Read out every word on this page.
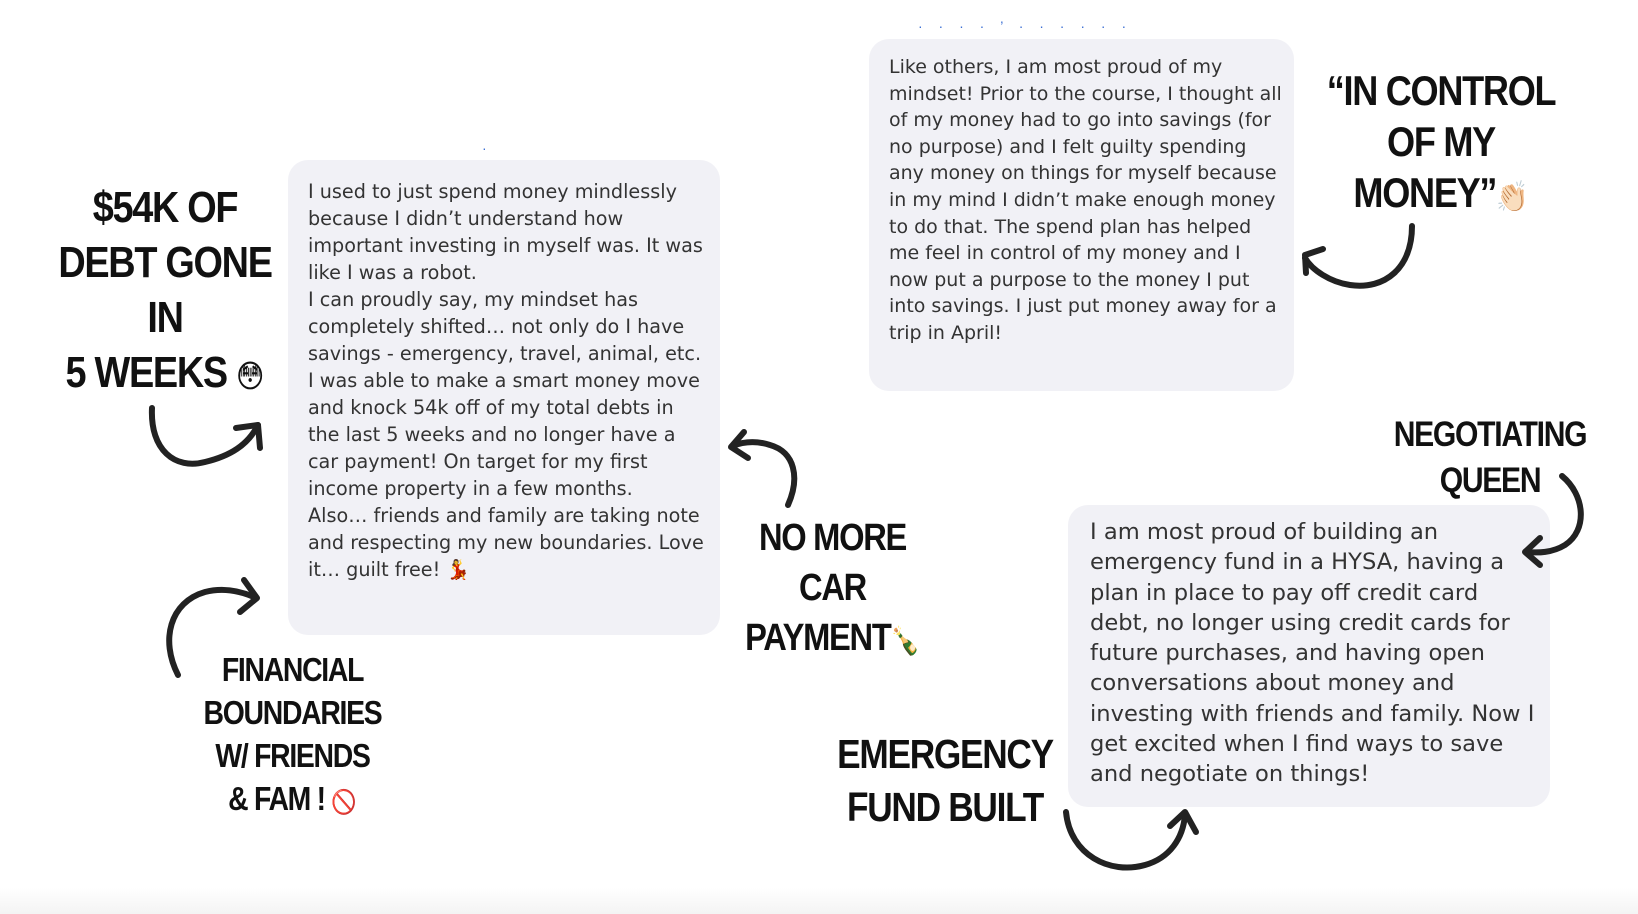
· · · · ’ · · · · · ·
·

I used to just spend money mindlessly because I didn’t understand how important investing in myself was. It was like I was a robot.
I can proudly say, my mindset has completely shifted… not only do I have savings - emergency, travel, animal, etc. I was able to make a smart money move and knock 54k off of my total debts in the last 5 weeks and no longer have a car payment! On target for my first income property in a few months.
Also… friends and family are taking note and respecting my new boundaries. Love it… guilt free! 💃

Like others, I am most proud of my mindset! Prior to the course, I thought all of my money had to go into savings (for no purpose) and I felt guilty spending any money on things for myself because in my mind I didn’t make enough money to do that. The spend plan has helped me feel in control of my money and I now put a purpose to the money I put into savings. I just put money away for a trip in April!

I am most proud of building an emergency fund in a HYSA, having a plan in place to pay off credit card debt, no longer using credit cards for future purchases, and having open conversations about money and investing with friends and family. Now I get excited when I find ways to save and negotiate on things!

$54K OF
DEBT GONE
IN
5 WEEKS 😳
“IN CONTROL
OF MY
MONEY”👏🏻
NO MORE
CAR
PAYMENT🍾
FINANCIAL
BOUNDARIES
W/ FRIENDS
& FAM ! 🚫
NEGOTIATING
QUEEN
EMERGENCY
FUND BUILT
